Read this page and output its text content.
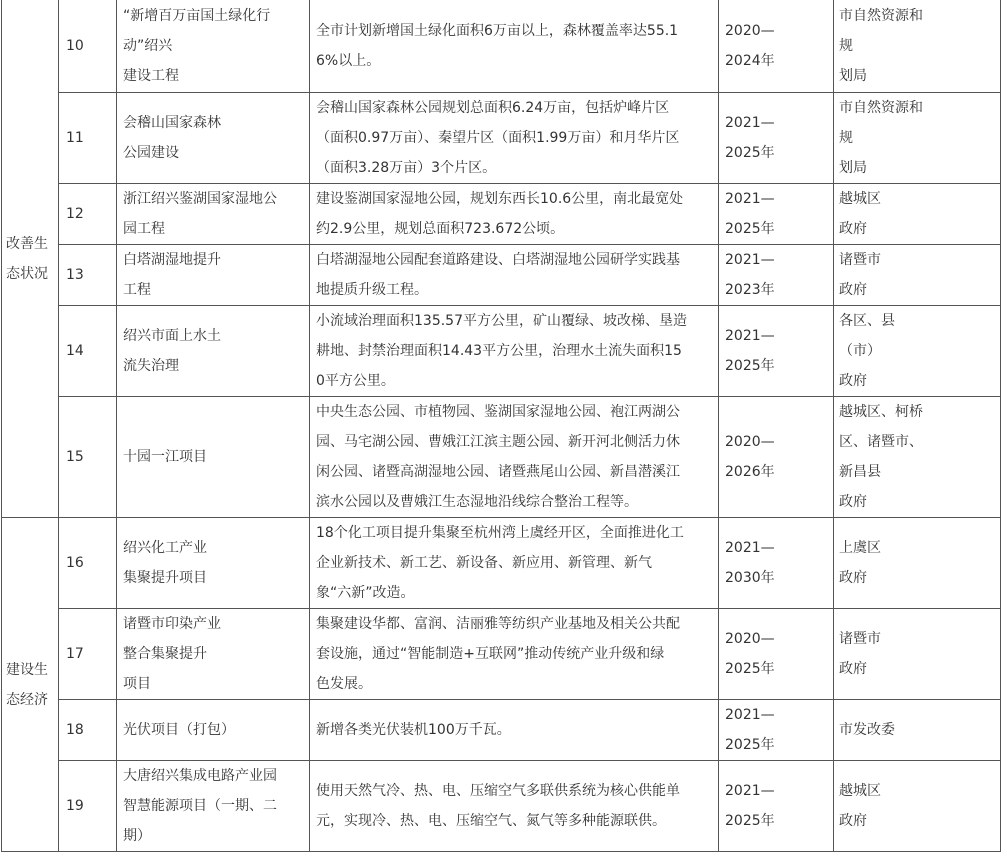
改善生
态状况	10	“新增百万亩国土绿化行
动”绍兴
建设工程	全市计划新增国土绿化面积6万亩以上，森林覆盖率达55.1
6%以上。	2020—
2024年	市自然资源和
规
划局
	11	会稽山国家森林
公园建设	会稽山国家森林公园规划总面积6.24万亩，包括炉峰片区
（面积0.97万亩）、秦望片区（面积1.99万亩）和月华片区
（面积3.28万亩）3个片区。	2021—
2025年	市自然资源和
规
划局
	12	浙江绍兴鉴湖国家湿地公
园工程	建设鉴湖国家湿地公园，规划东西长10.6公里，南北最宽处
约2.9公里，规划总面积723.672公顷。	2021—
2025年	越城区
政府
	13	白塔湖湿地提升
工程	白塔湖湿地公园配套道路建设、白塔湖湿地公园研学实践基
地提质升级工程。	2021—
2023年	诸暨市
政府
	14	绍兴市面上水土
流失治理	小流域治理面积135.57平方公里，矿山覆绿、坡改梯、垦造
耕地、封禁治理面积14.43平方公里，治理水土流失面积15
0平方公里。	2021—
2025年	各区、县
（市）
政府
	15	十园一江项目	中央生态公园、市植物园、鉴湖国家湿地公园、袍江两湖公
园、马宅湖公园、曹娥江江滨主题公园、新开河北侧活力休
闲公园、诸暨高湖湿地公园、诸暨燕尾山公园、新昌潜溪江
滨水公园以及曹娥江生态湿地沿线综合整治工程等。	2020—
2026年	越城区、柯桥
区、诸暨市、
新昌县
政府
建设生
态经济	16	绍兴化工产业
集聚提升项目	18个化工项目提升集聚至杭州湾上虞经开区，全面推进化工
企业新技术、新工艺、新设备、新应用、新管理、新气
象“六新”改造。	2021—
2030年	上虞区
政府
	17	诸暨市印染产业
整合集聚提升
项目	集聚建设华都、富润、洁丽雅等纺织产业基地及相关公共配
套设施，通过“智能制造+互联网”推动传统产业升级和绿
色发展。	2020—
2025年	诸暨市
政府
	18	光伏项目（打包）	新增各类光伏装机100万千瓦。	2021—
2025年	市发改委
	19	大唐绍兴集成电路产业园
智慧能源项目（一期、二
期）	使用天然气冷、热、电、压缩空气多联供系统为核心供能单
元，实现冷、热、电、压缩空气、氮气等多种能源联供。	2021—
2025年	越城区
政府
